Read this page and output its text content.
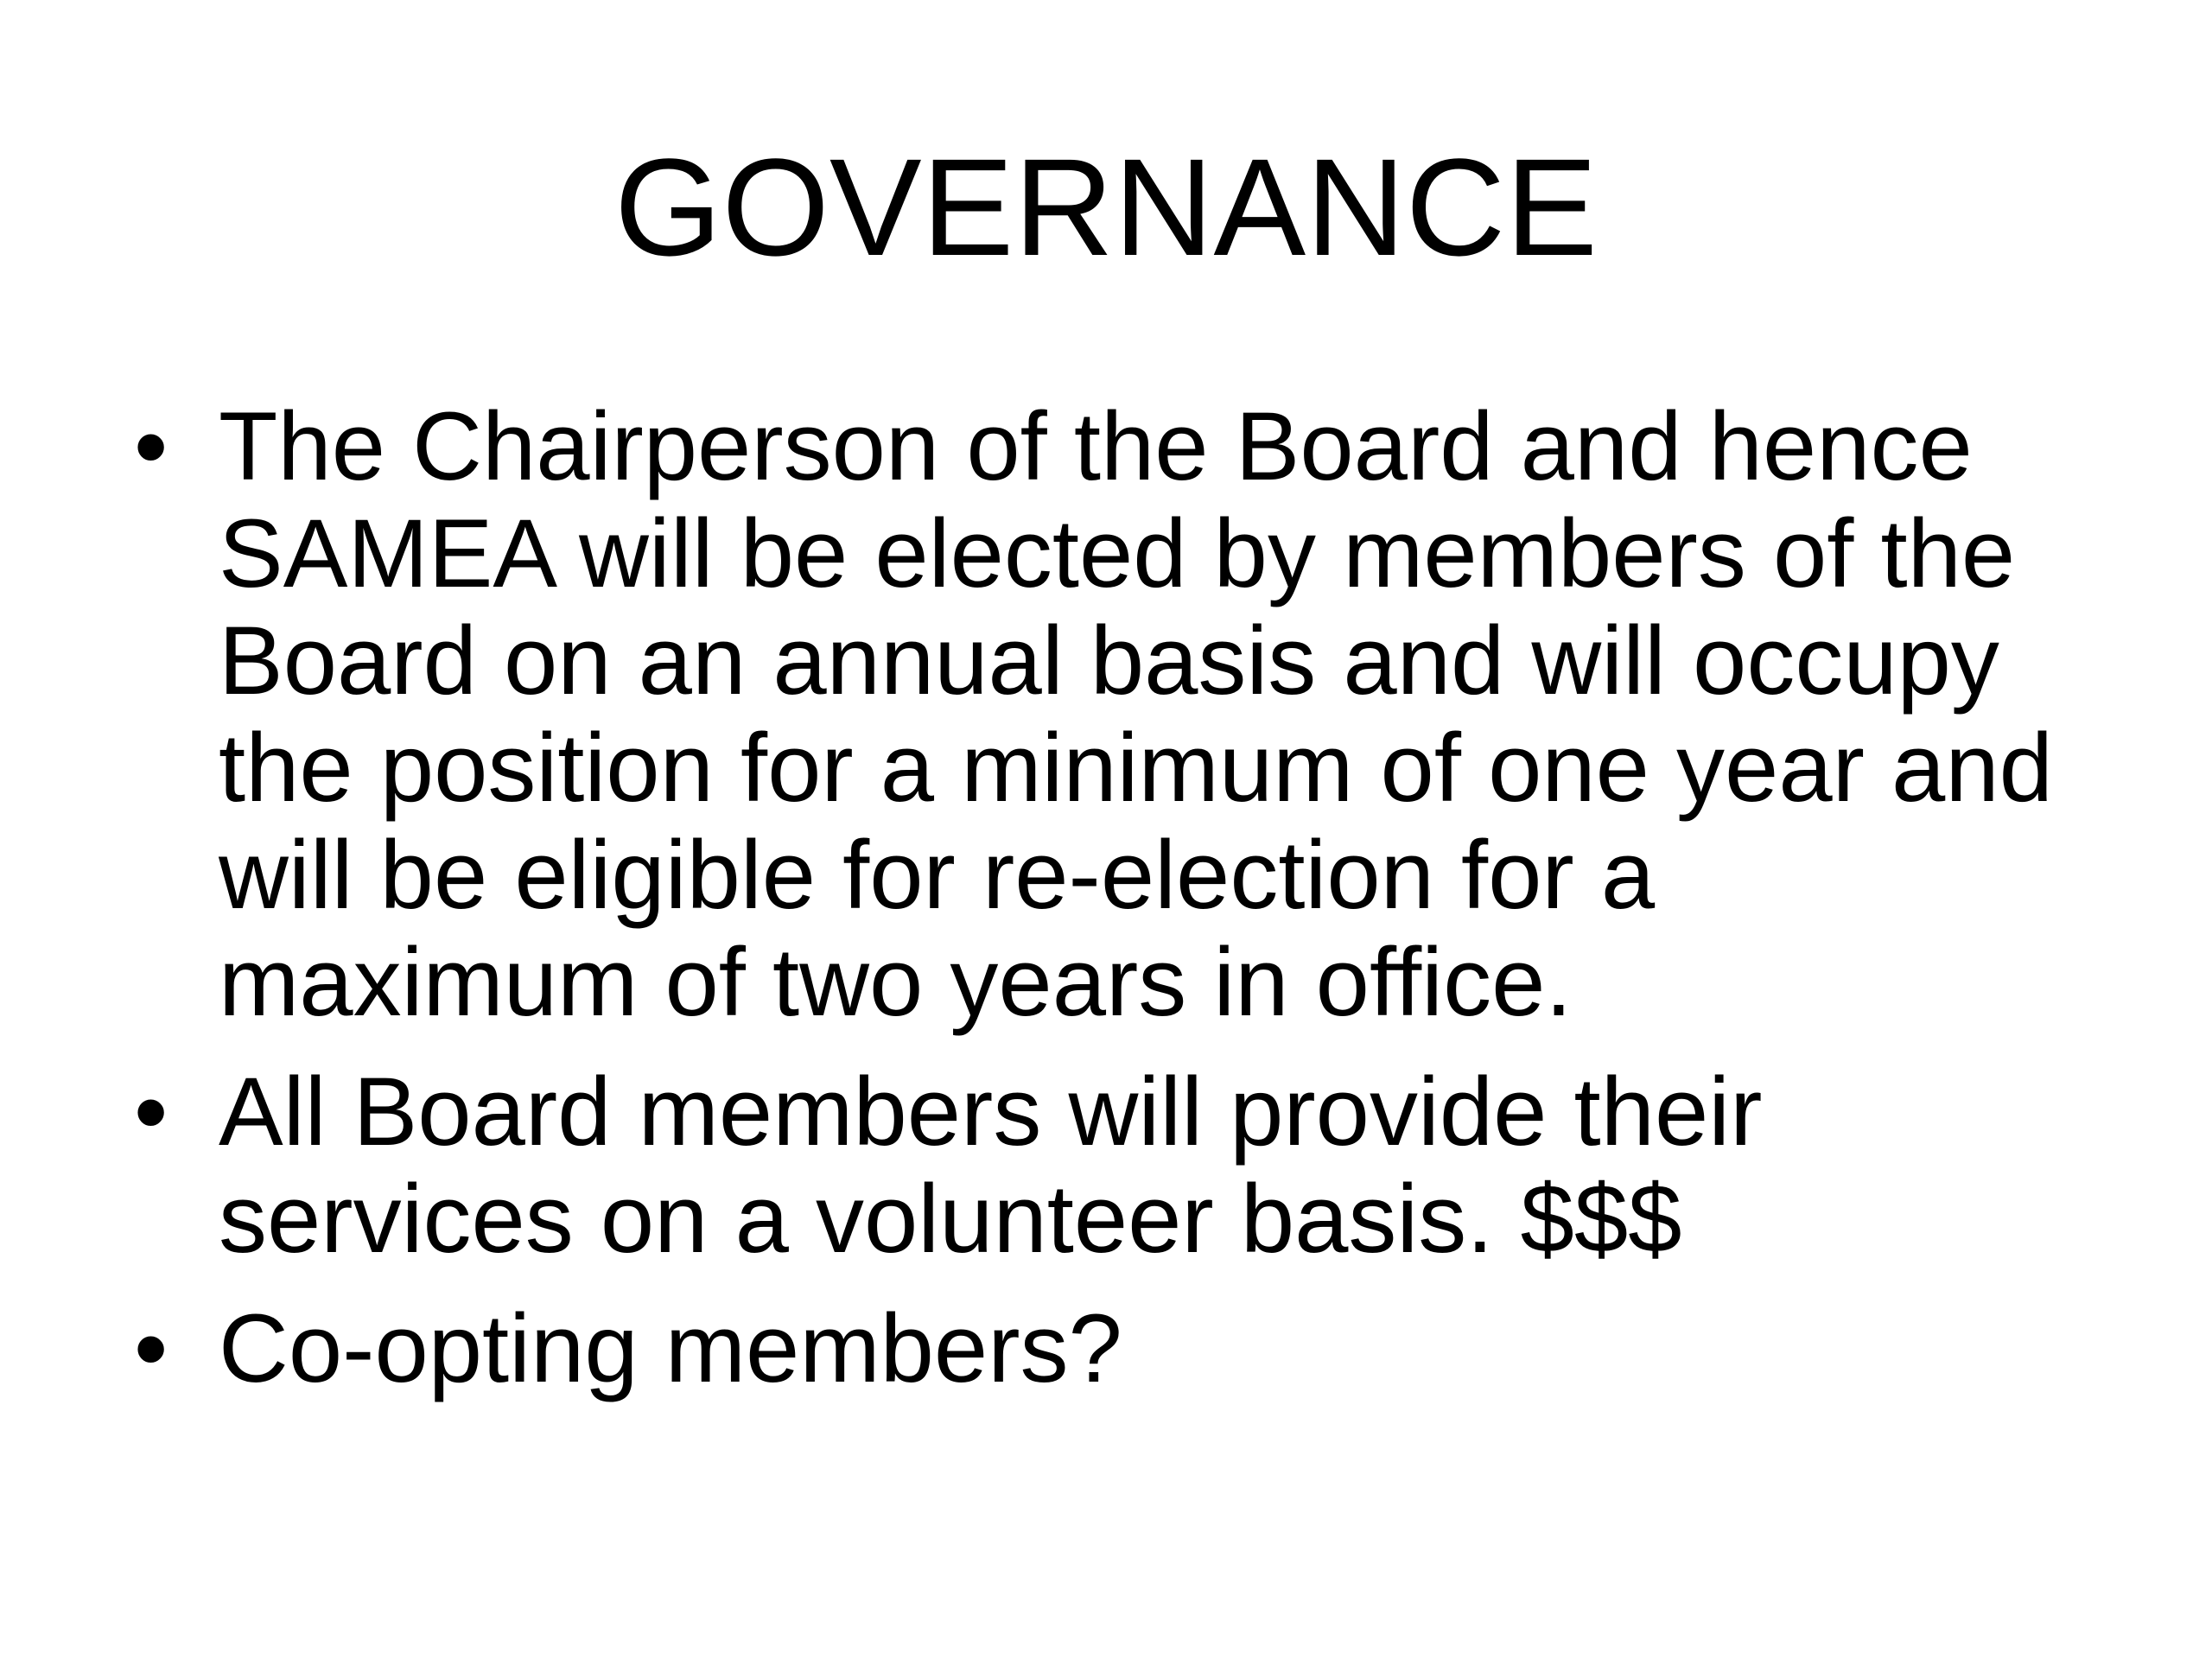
GOVERNANCE
• The Chairperson of the Board and hence
SAMEA will be elected by members of the
Board on an annual basis and will occupy
the position for a minimum of one year and
will be eligible for re-election for a
maximum of two years in office.
• All Board members will provide their
services on a volunteer basis. $$$
• Co-opting members?
